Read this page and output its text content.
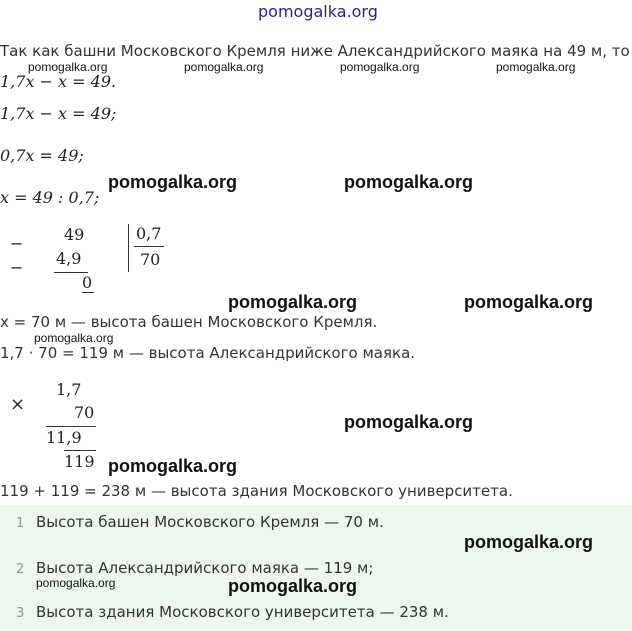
pomogalka.org
Так как башни Московского Кремля ниже Александрийского маяка на 49 м, то
pomogalka.org	pomogalka.org	pomogalka.org	pomogalka.org
1,7x − x = 49.
1,7x − x = 49;
0,7x = 49;
pomogalka.org	pomogalka.org
x = 49 : 0,7;
−	49
− 4,9
0
0,7
70
pomogalka.org	pomogalka.org
x = 70 м — высота башен Московского Кремля.
pomogalka.org
1,7 · 70 = 119 м — высота Александрийского маяка.
×
1,7
70
11,9
119
pomogalka.org
pomogalka.org
119 + 119 = 238 м — высота здания Московского университета.
1 Высота башен Московского Кремля — 70 м.
pomogalka.org
2 Высота Александрийского маяка — 119 м;
pomogalka.org	pomogalka.org
3 Высота здания Московского университета — 238 м.
